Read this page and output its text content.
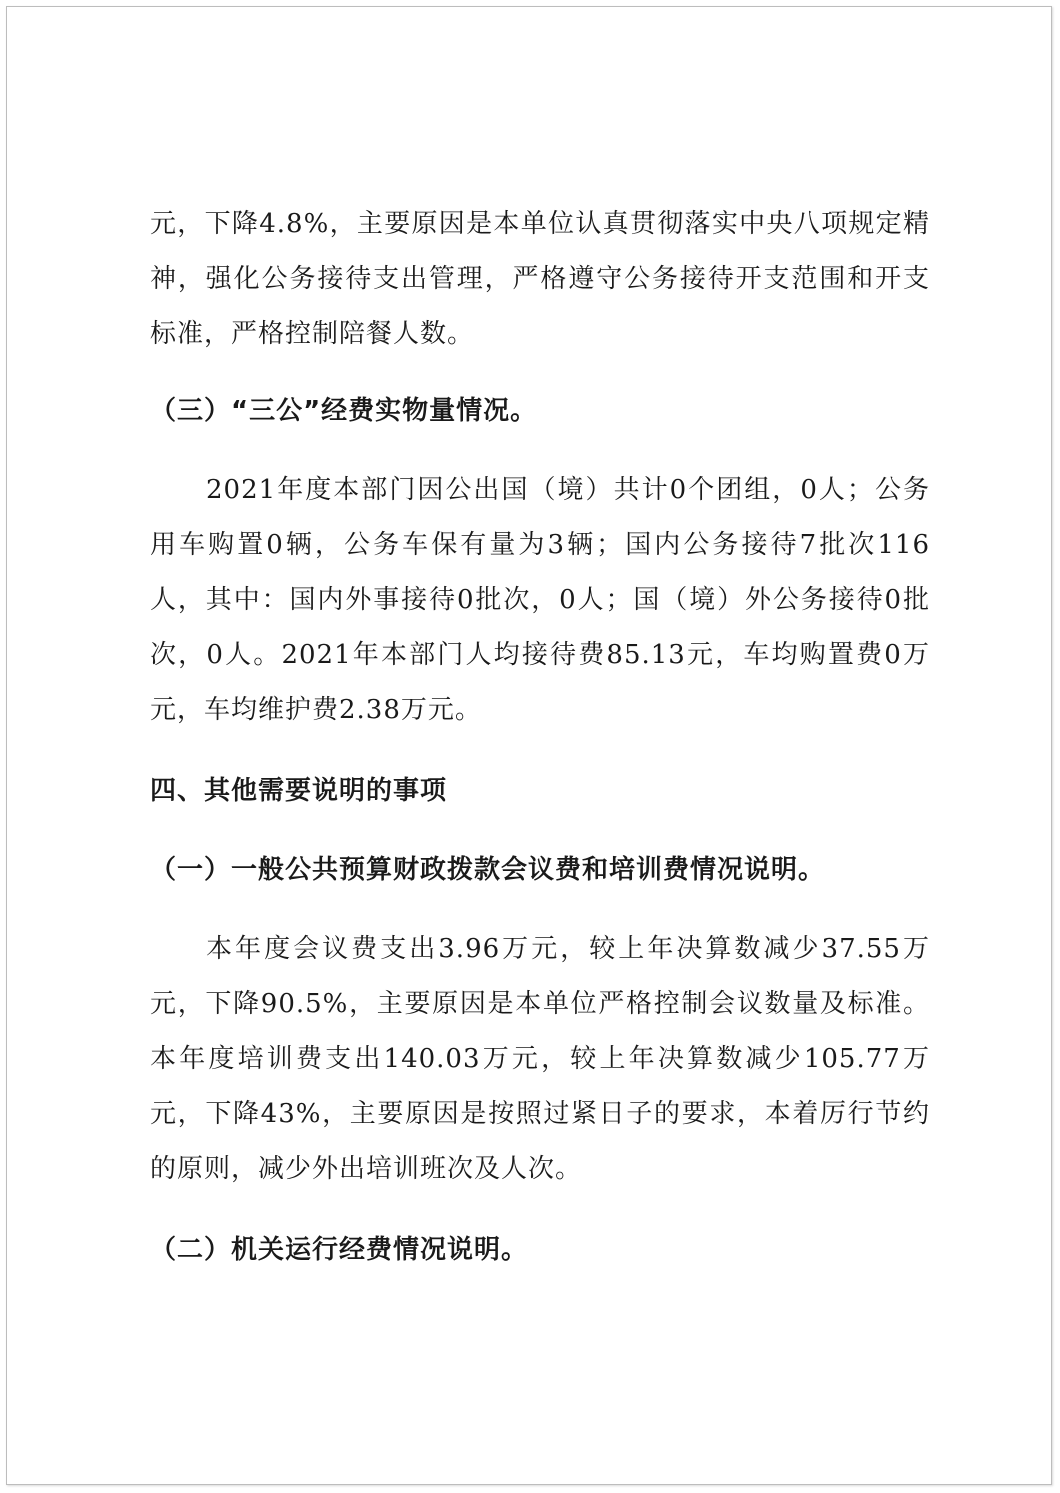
元，下降4.8%，主要原因是本单位认真贯彻落实中央八项规定精神，强化公务接待支出管理，严格遵守公务接待开支范围和开支标准，严格控制陪餐人数。

（三）“三公”经费实物量情况。

2021年度本部门因公出国（境）共计0个团组，0人；公务用车购置0辆，公务车保有量为3辆；国内公务接待7批次116人，其中：国内外事接待0批次，0人；国（境）外公务接待0批次，0人。2021年本部门人均接待费85.13元，车均购置费0万元，车均维护费2.38万元。

四、其他需要说明的事项

（一）一般公共预算财政拨款会议费和培训费情况说明。

本年度会议费支出3.96万元，较上年决算数减少37.55万元，下降90.5%，主要原因是本单位严格控制会议数量及标准。本年度培训费支出140.03万元，较上年决算数减少105.77万元，下降43%，主要原因是按照过紧日子的要求，本着厉行节约的原则，减少外出培训班次及人次。

（二）机关运行经费情况说明。
